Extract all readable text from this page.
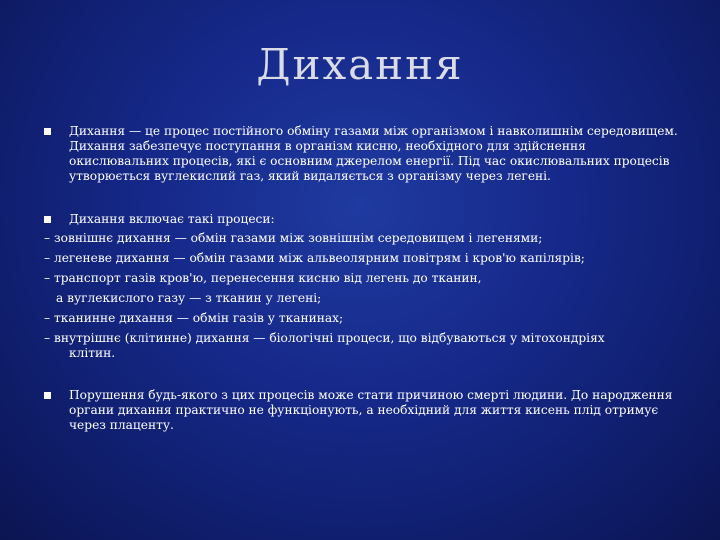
Дихання
Дихання — це процес постійного обміну газами між організмом і навколишнім середовищем. Дихання забезпечує поступання в організм кисню, необхідного для здійснення окислювальних процесів, які є основним джерелом енергії. Під час окислювальних процесів утворюється вуглекислий газ, який видаляється з організму через легені.
Дихання включає такі процеси:
– зовнішнє дихання — обмін газами між зовнішнім середовищем і легенями;
– легеневе дихання — обмін газами між альвеолярним повітрям і кров'ю капілярів;
– транспорт газів кров'ю, перенесення кисню від легень до тканин,
а вуглекислого газу — з тканин у легені;
– тканинне дихання — обмін газів у тканинах;
– внутрішнє (клітинне) дихання — біологічні процеси, що відбуваються у мітохондріях
клітин.
Порушення будь-якого з цих процесів може стати причиною смерті людини. До народження органи дихання практично не функціонують, а необхідний для життя кисень плід отримує через плаценту.
